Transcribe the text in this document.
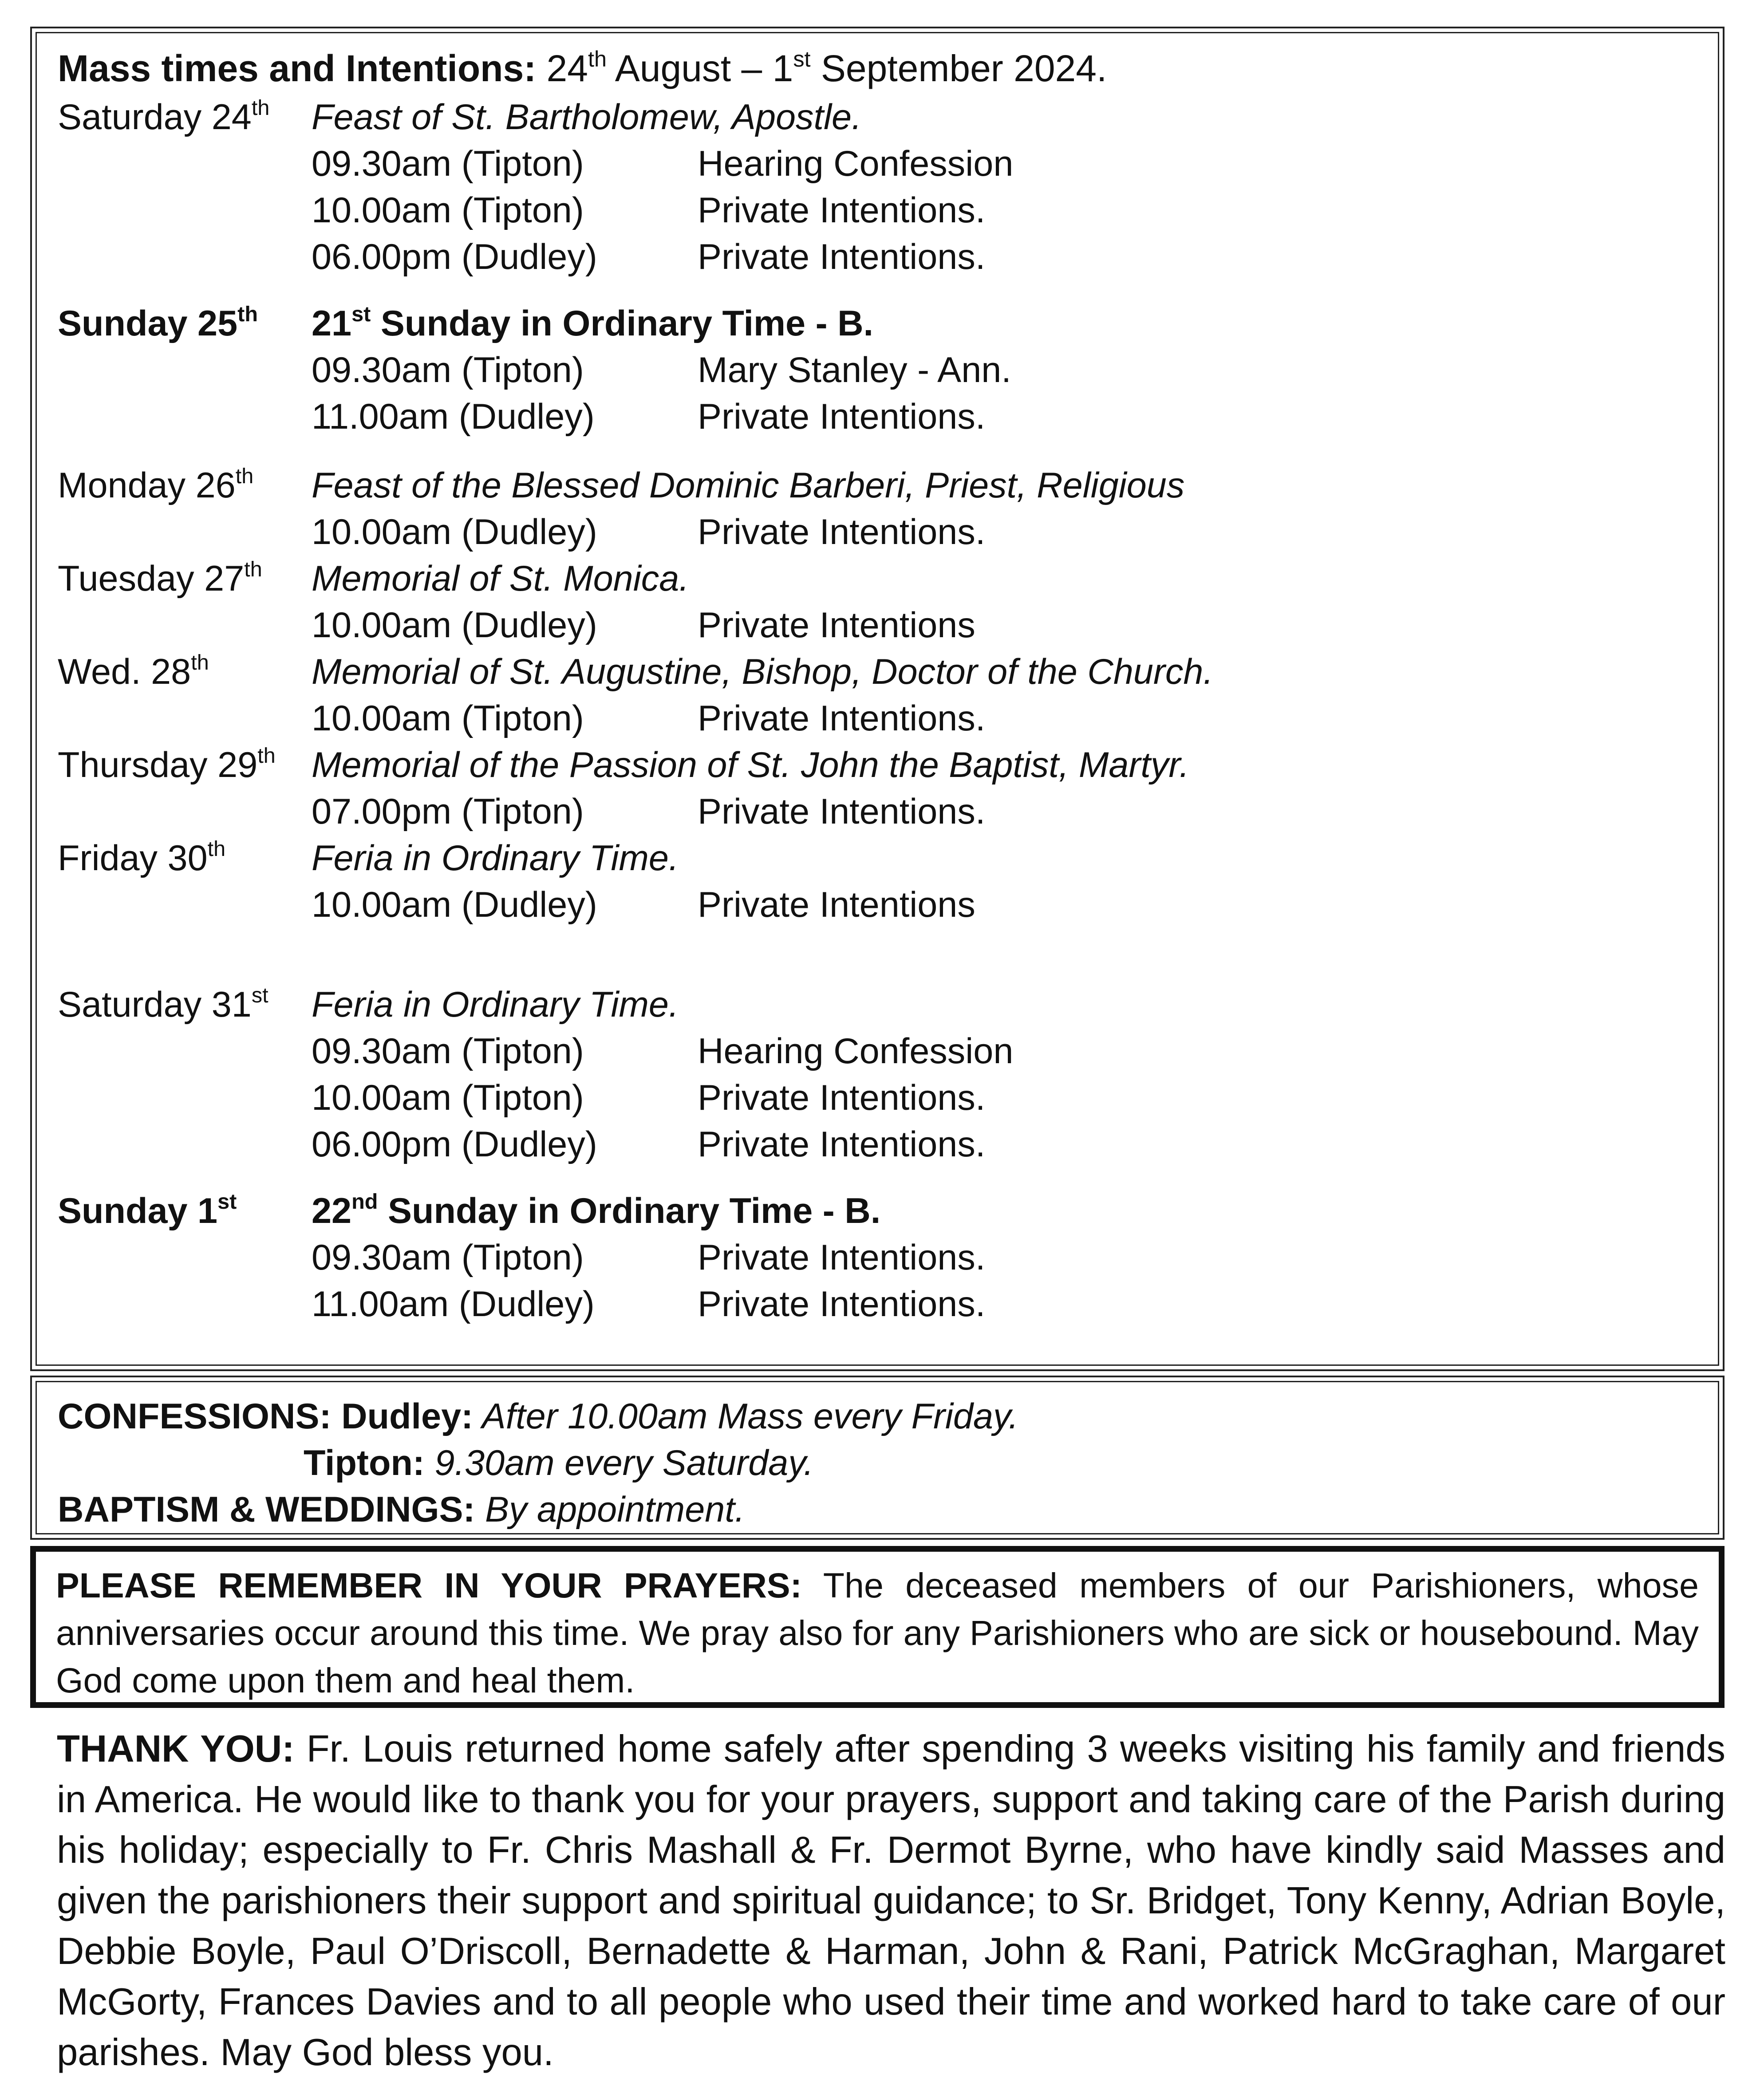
Mass times and Intentions: 24th August – 1st September 2024.
Saturday 24th Feast of St. Bartholomew, Apostle.
09.30am (Tipton)	Hearing Confession
10.00am (Tipton)	Private Intentions.
06.00pm (Dudley)	Private Intentions.
Sunday 25th 21st Sunday in Ordinary Time - B.
09.30am (Tipton)	Mary Stanley - Ann.
11.00am (Dudley)	Private Intentions.
Monday 26th Feast of the Blessed Dominic Barberi, Priest, Religious
10.00am (Dudley)	Private Intentions.
Tuesday 27th Memorial of St. Monica.
10.00am (Dudley)	Private Intentions
Wed. 28th	Memorial of St. Augustine, Bishop, Doctor of the Church.
10.00am (Tipton)	Private Intentions.
Thursday 29th Memorial of the Passion of St. John the Baptist, Martyr.
07.00pm (Tipton)	Private Intentions.
Friday 30th Feria in Ordinary Time.
10.00am (Dudley)	Private Intentions
Saturday 31st Feria in Ordinary Time.
09.30am (Tipton)	Hearing Confession
10.00am (Tipton)	Private Intentions.
06.00pm (Dudley)	Private Intentions.
Sunday 1st 22nd Sunday in Ordinary Time - B.
09.30am (Tipton)	Private Intentions.
11.00am (Dudley)	Private Intentions.
CONFESSIONS: Dudley: After 10.00am Mass every Friday.
Tipton: 9.30am every Saturday.
BAPTISM & WEDDINGS: By appointment.
PLEASE REMEMBER IN YOUR PRAYERS: The deceased members of our Parishioners, whose anniversaries occur around this time. We pray also for any Parishioners who are sick or housebound. May God come upon them and heal them.
THANK YOU: Fr. Louis returned home safely after spending 3 weeks visiting his family and friends in America. He would like to thank you for your prayers, support and taking care of the Parish during his holiday; especially to Fr. Chris Mashall & Fr. Dermot Byrne, who have kindly said Masses and given the parishioners their support and spiritual guidance; to Sr. Bridget, Tony Kenny, Adrian Boyle, Debbie Boyle, Paul O’Driscoll, Bernadette & Harman, John & Rani, Patrick McGraghan, Margaret McGorty, Frances Davies and to all people who used their time and worked hard to take care of our parishes. May God bless you.
